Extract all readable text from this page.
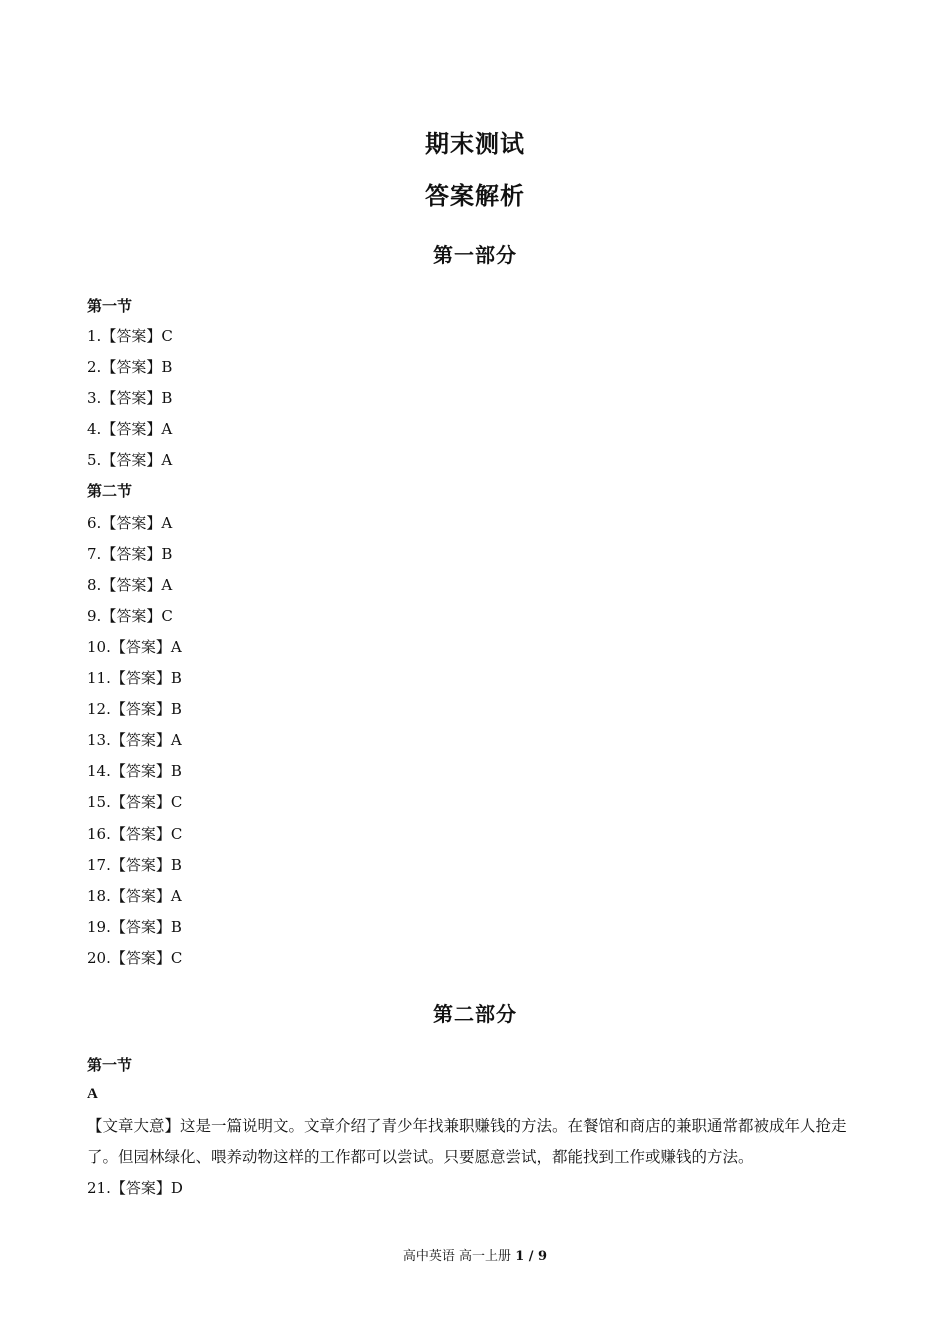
期末测试
答案解析
第一部分
第一节
1.【答案】C
2.【答案】B
3.【答案】B
4.【答案】A
5.【答案】A
第二节
6.【答案】A
7.【答案】B
8.【答案】A
9.【答案】C
10.【答案】A
11.【答案】B
12.【答案】B
13.【答案】A
14.【答案】B
15.【答案】C
16.【答案】C
17.【答案】B
18.【答案】A
19.【答案】B
20.【答案】C
第二部分
第一节
A

【文章大意】这是一篇说明文。文章介绍了青少年找兼职赚钱的方法。在餐馆和商店的兼职通常都被成年人抢走了。但园林绿化、喂养动物这样的工作都可以尝试。只要愿意尝试，都能找到工作或赚钱的方法。

21.【答案】D
高中英语 高一上册 1 / 9
